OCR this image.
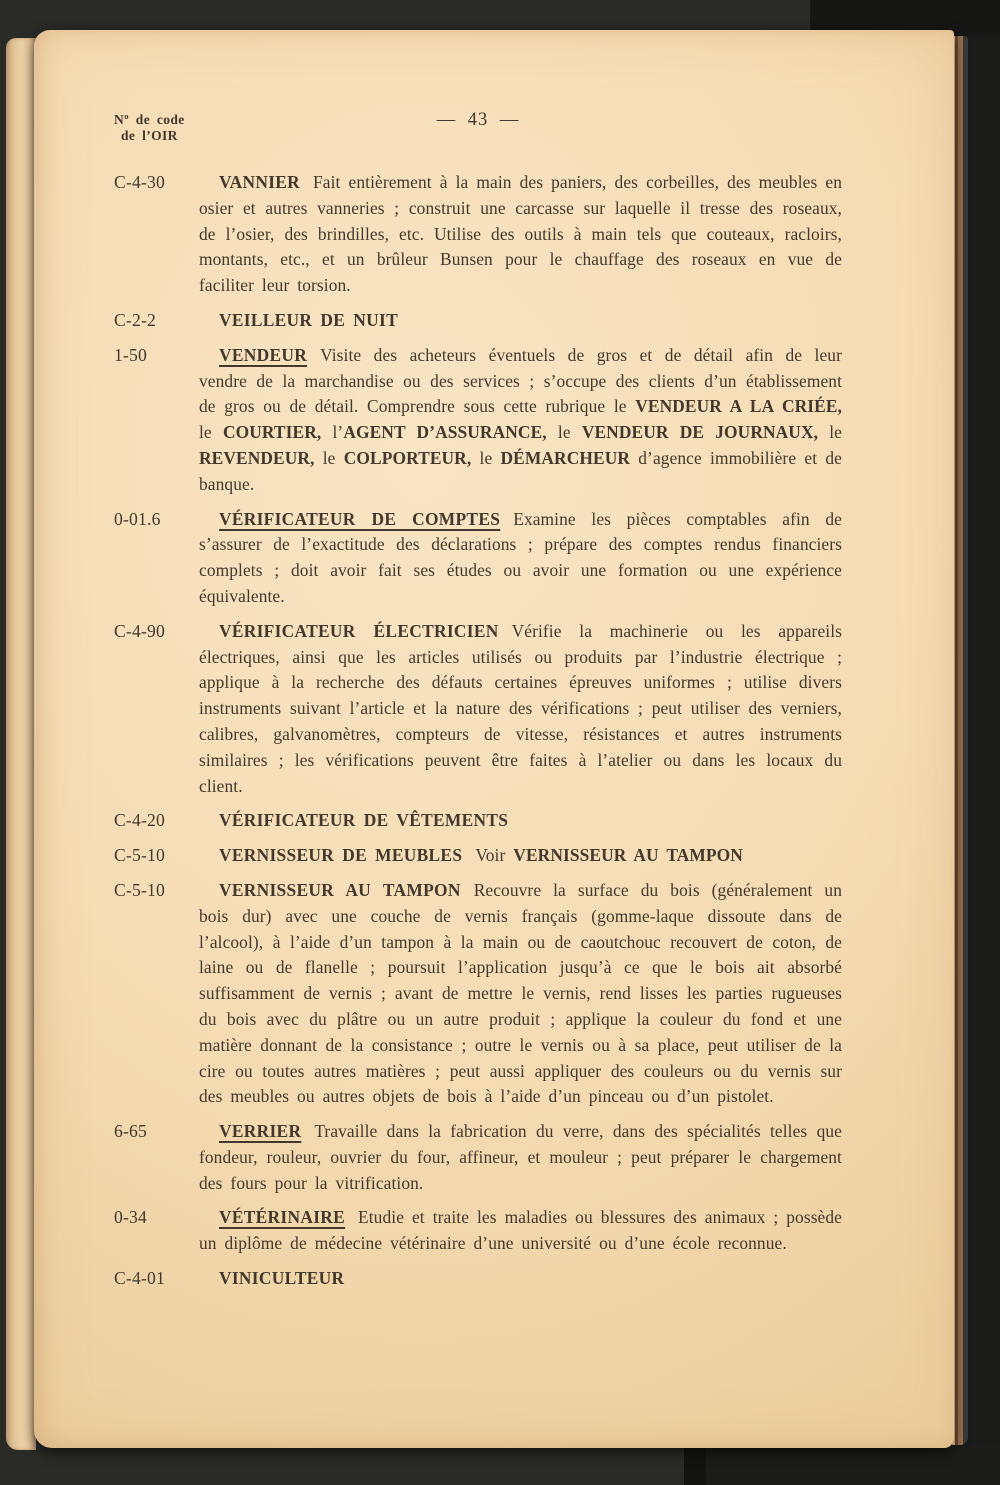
Nº de code
de l’OIR
— 43 —
C-4-30	VANNIER Fait entièrement à la main des paniers, des corbeilles, des meubles en osier et autres vanneries ; construit une carcasse sur laquelle il tresse des roseaux, de l’osier, des brindilles, etc. Utilise des outils à main tels que couteaux, racloirs, montants, etc., et un brûleur Bunsen pour le chauffage des roseaux en vue de faciliter leur torsion.

C-2-2	VEILLEUR DE NUIT

1-50	VENDEUR Visite des acheteurs éventuels de gros et de détail afin de leur vendre de la marchandise ou des services ; s’occupe des clients d’un établissement de gros ou de détail. Comprendre sous cette rubrique le VENDEUR A LA CRIÉE, le COURTIER, l’AGENT D’ASSURANCE, le VENDEUR DE JOURNAUX, le REVENDEUR, le COLPORTEUR, le DÉMARCHEUR d’agence immobilière et de banque.

0-01.6	VÉRIFICATEUR DE COMPTES Examine les pièces comptables afin de s’assurer de l’exactitude des déclarations ; prépare des comptes rendus financiers complets ; doit avoir fait ses études ou avoir une formation ou une expérience équivalente.

C-4-90	VÉRIFICATEUR ÉLECTRICIEN Vérifie la machinerie ou les appareils électriques, ainsi que les articles utilisés ou produits par l’industrie électrique ; applique à la recherche des défauts certaines épreuves uniformes ; utilise divers instruments suivant l’article et la nature des vérifications ; peut utiliser des verniers, calibres, galvanomètres, compteurs de vitesse, résistances et autres instruments similaires ; les vérifications peuvent être faites à l’atelier ou dans les locaux du client.

C-4-20	VÉRIFICATEUR DE VÊTEMENTS

C-5-10	VERNISSEUR DE MEUBLES Voir VERNISSEUR AU TAMPON

C-5-10	VERNISSEUR AU TAMPON Recouvre la surface du bois (généralement un bois dur) avec une couche de vernis français (gomme-laque dissoute dans de l’alcool), à l’aide d’un tampon à la main ou de caoutchouc recouvert de coton, de laine ou de flanelle ; poursuit l’application jusqu’à ce que le bois ait absorbé suffisamment de vernis ; avant de mettre le vernis, rend lisses les parties rugueuses du bois avec du plâtre ou un autre produit ; applique la couleur du fond et une matière donnant de la consistance ; outre le vernis ou à sa place, peut utiliser de la cire ou toutes autres matières ; peut aussi appliquer des couleurs ou du vernis sur des meubles ou autres objets de bois à l’aide d’un pinceau ou d’un pistolet.

6-65	VERRIER Travaille dans la fabrication du verre, dans des spécialités telles que fondeur, rouleur, ouvrier du four, affineur, et mouleur ; peut préparer le chargement des fours pour la vitrification.

0-34	VÉTÉRINAIRE Etudie et traite les maladies ou blessures des animaux ; possède un diplôme de médecine vétérinaire d’une université ou d’une école reconnue.

C-4-01	VINICULTEUR
